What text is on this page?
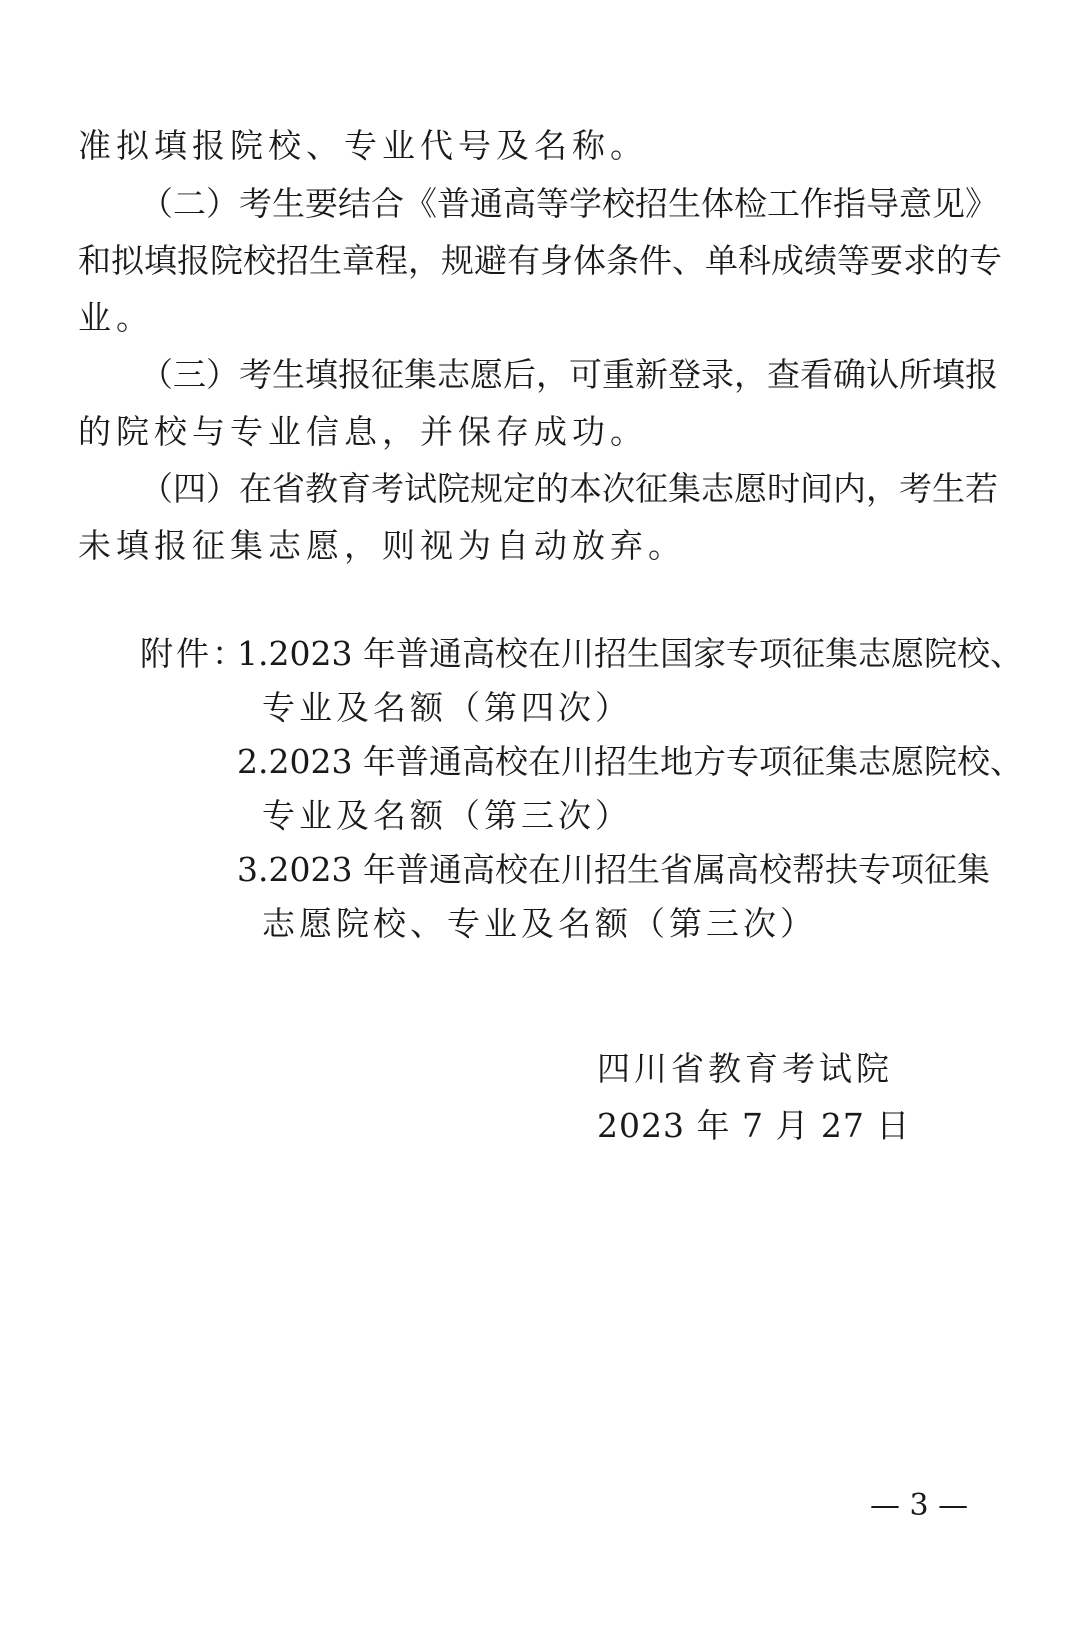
准拟填报院校、专业代号及名称。
（二）考生要结合《普通高等学校招生体检工作指导意见》
和拟填报院校招生章程，规避有身体条件、单科成绩等要求的专
业。
（三）考生填报征集志愿后，可重新登录，查看确认所填报
的院校与专业信息，并保存成功。
（四）在省教育考试院规定的本次征集志愿时间内，考生若
未填报征集志愿，则视为自动放弃。
附件：
1.2023 年普通高校在川招生国家专项征集志愿院校、
专业及名额（第四次）
2.2023 年普通高校在川招生地方专项征集志愿院校、
专业及名额（第三次）
3.2023 年普通高校在川招生省属高校帮扶专项征集
志愿院校、专业及名额（第三次）
四川省教育考试院
2023 年 7 月 27 日
— 3 —
